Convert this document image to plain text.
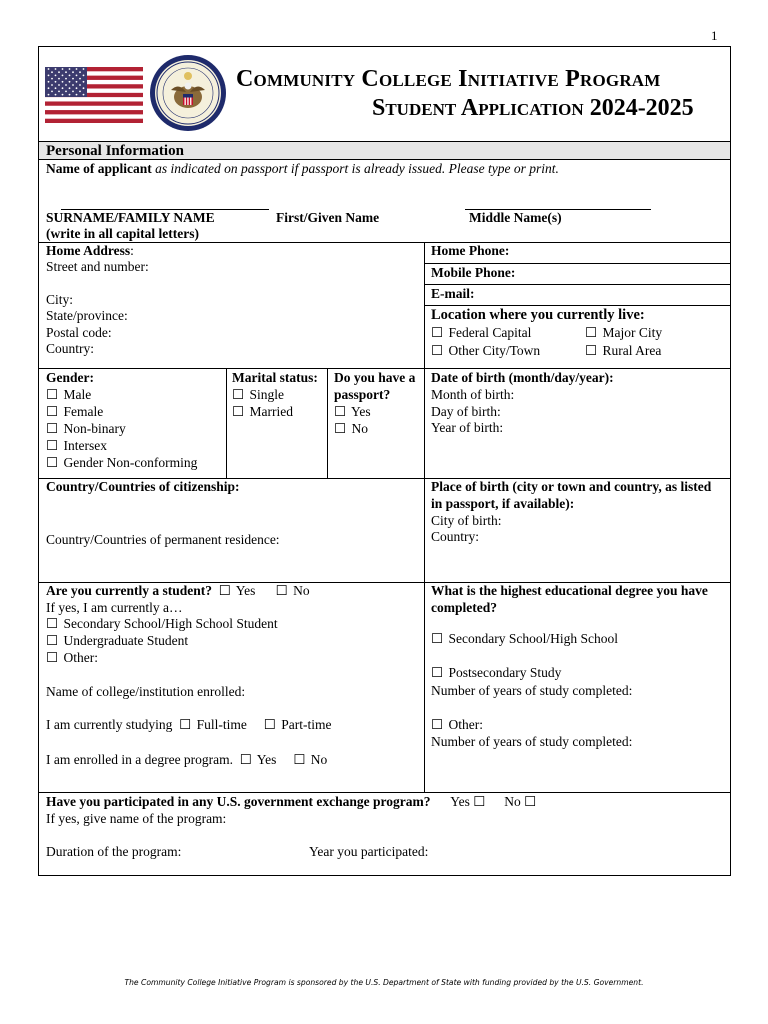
1
Community College Initiative Program
Student Application 2024-2025
Personal Information
Name of applicant as indicated on passport if passport is already issued. Please type or print.
SURNAME/FAMILY NAME
(write in all capital letters)
First/Given Name	Middle Name(s)
Home Address:
Street and number:
City:
State/province:
Postal code:
Country:
Home Phone:
Mobile Phone:
E-mail:
Location where you currently live:
☐ Federal Capital	☐ Major City
☐ Other City/Town	☐ Rural Area
Gender:
☐ Male
☐ Female
☐ Non-binary
☐ Intersex
☐ Gender Non-conforming
Marital status:
☐ Single
☐ Married
Do you have a
passport?
☐ Yes
☐ No
Date of birth (month/day/year):
Month of birth:
Day of birth:
Year of birth:
Country/Countries of citizenship:
Country/Countries of permanent residence:
Place of birth (city or town and country, as listed
in passport, if available):
City of birth:
Country:
Are you currently a student? ☐ Yes ☐ No
If yes, I am currently a…
☐ Secondary School/High School Student
☐ Undergraduate Student
☐ Other:
Name of college/institution enrolled:
I am currently studying ☐ Full-time ☐ Part-time
I am enrolled in a degree program. ☐ Yes ☐ No
What is the highest educational degree you have
completed?
☐ Secondary School/High School
☐ Postsecondary Study
Number of years of study completed:
☐ Other:
Number of years of study completed:
Have you participated in any U.S. government exchange program? Yes ☐ No ☐
If yes, give name of the program:
Duration of the program:	Year you participated:
The Community College Initiative Program is sponsored by the U.S. Department of State with funding provided by the U.S. Government.
